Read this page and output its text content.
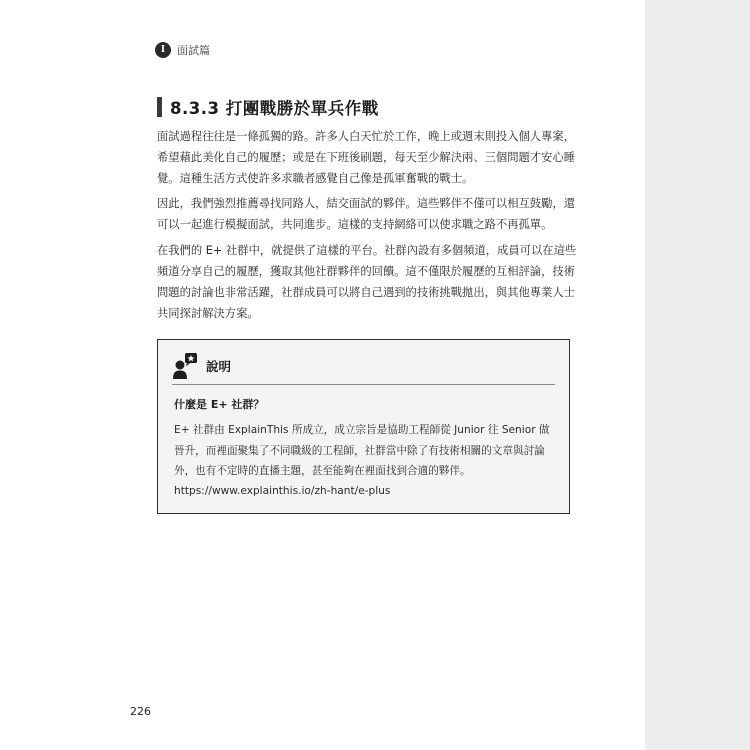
I	面試篇
8.3.3 打團戰勝於單兵作戰

面試過程往往是一條孤獨的路。許多人白天忙於工作，晚上或週末則投入個人專案，希望藉此美化自己的履歷；或是在下班後刷題，每天至少解決兩、三個問題才安心睡覺。這種生活方式使許多求職者感覺自己像是孤軍奮戰的戰士。

因此，我們強烈推薦尋找同路人，結交面試的夥伴。這些夥伴不僅可以相互鼓勵，還可以一起進行模擬面試，共同進步。這樣的支持網絡可以使求職之路不再孤單。

在我們的 E+ 社群中，就提供了這樣的平台。社群內設有多個頻道，成員可以在這些頻道分享自己的履歷，獲取其他社群夥伴的回饋。這不僅限於履歷的互相評論，技術問題的討論也非常活躍，社群成員可以將自己遇到的技術挑戰拋出，與其他專業人士共同探討解決方案。

說明
什麼是 E+ 社群？

E+ 社群由 ExplainThis 所成立，成立宗旨是協助工程師從 Junior 往 Senior 做晉升，而裡面聚集了不同職級的工程師，社群當中除了有技術相關的文章與討論外，也有不定時的直播主題，甚至能夠在裡面找到合適的夥伴。

https://www.explainthis.io/zh-hant/e-plus
226
